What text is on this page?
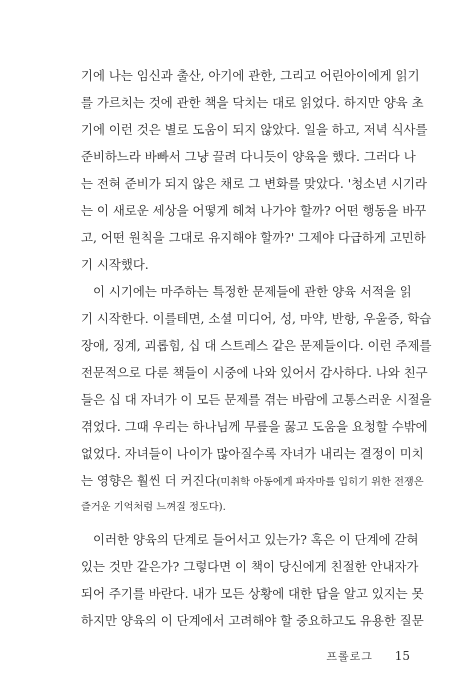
기에 나는 임신과 출산, 아기에 관한, 그리고 어린아이에게 읽기
를 가르치는 것에 관한 책을 닥치는 대로 읽었다. 하지만 양육 초
기에 이런 것은 별로 도움이 되지 않았다. 일을 하고, 저녁 식사를
준비하느라 바빠서 그냥 끌려 다니듯이 양육을 했다. 그러다 나
는 전혀 준비가 되지 않은 채로 그 변화를 맞았다. '청소년 시기라
는 이 새로운 세상을 어떻게 헤쳐 나가야 할까? 어떤 행동을 바꾸
고, 어떤 원칙을 그대로 유지해야 할까?' 그제야 다급하게 고민하
기 시작했다.
이 시기에는 마주하는 특정한 문제들에 관한 양육 서적을 읽
기 시작한다. 이를테면, 소셜 미디어, 성, 마약, 반항, 우울증, 학습
장애, 징계, 괴롭힘, 십 대 스트레스 같은 문제들이다. 이런 주제를
전문적으로 다룬 책들이 시중에 나와 있어서 감사하다. 나와 친구
들은 십 대 자녀가 이 모든 문제를 겪는 바람에 고통스러운 시절을
겪었다. 그때 우리는 하나님께 무릎을 꿇고 도움을 요청할 수밖에
없었다. 자녀들이 나이가 많아질수록 자녀가 내리는 결정이 미치
는 영향은 훨씬 더 커진다(미취학 아동에게 파자마를 입히기 위한 전쟁은
즐거운 기억처럼 느껴질 정도다).
이러한 양육의 단계로 들어서고 있는가? 혹은 이 단계에 갇혀
있는 것만 같은가? 그렇다면 이 책이 당신에게 친절한 안내자가
되어 주기를 바란다. 내가 모든 상황에 대한 답을 알고 있지는 못
하지만 양육의 이 단계에서 고려해야 할 중요하고도 유용한 질문
프롤로그 15
